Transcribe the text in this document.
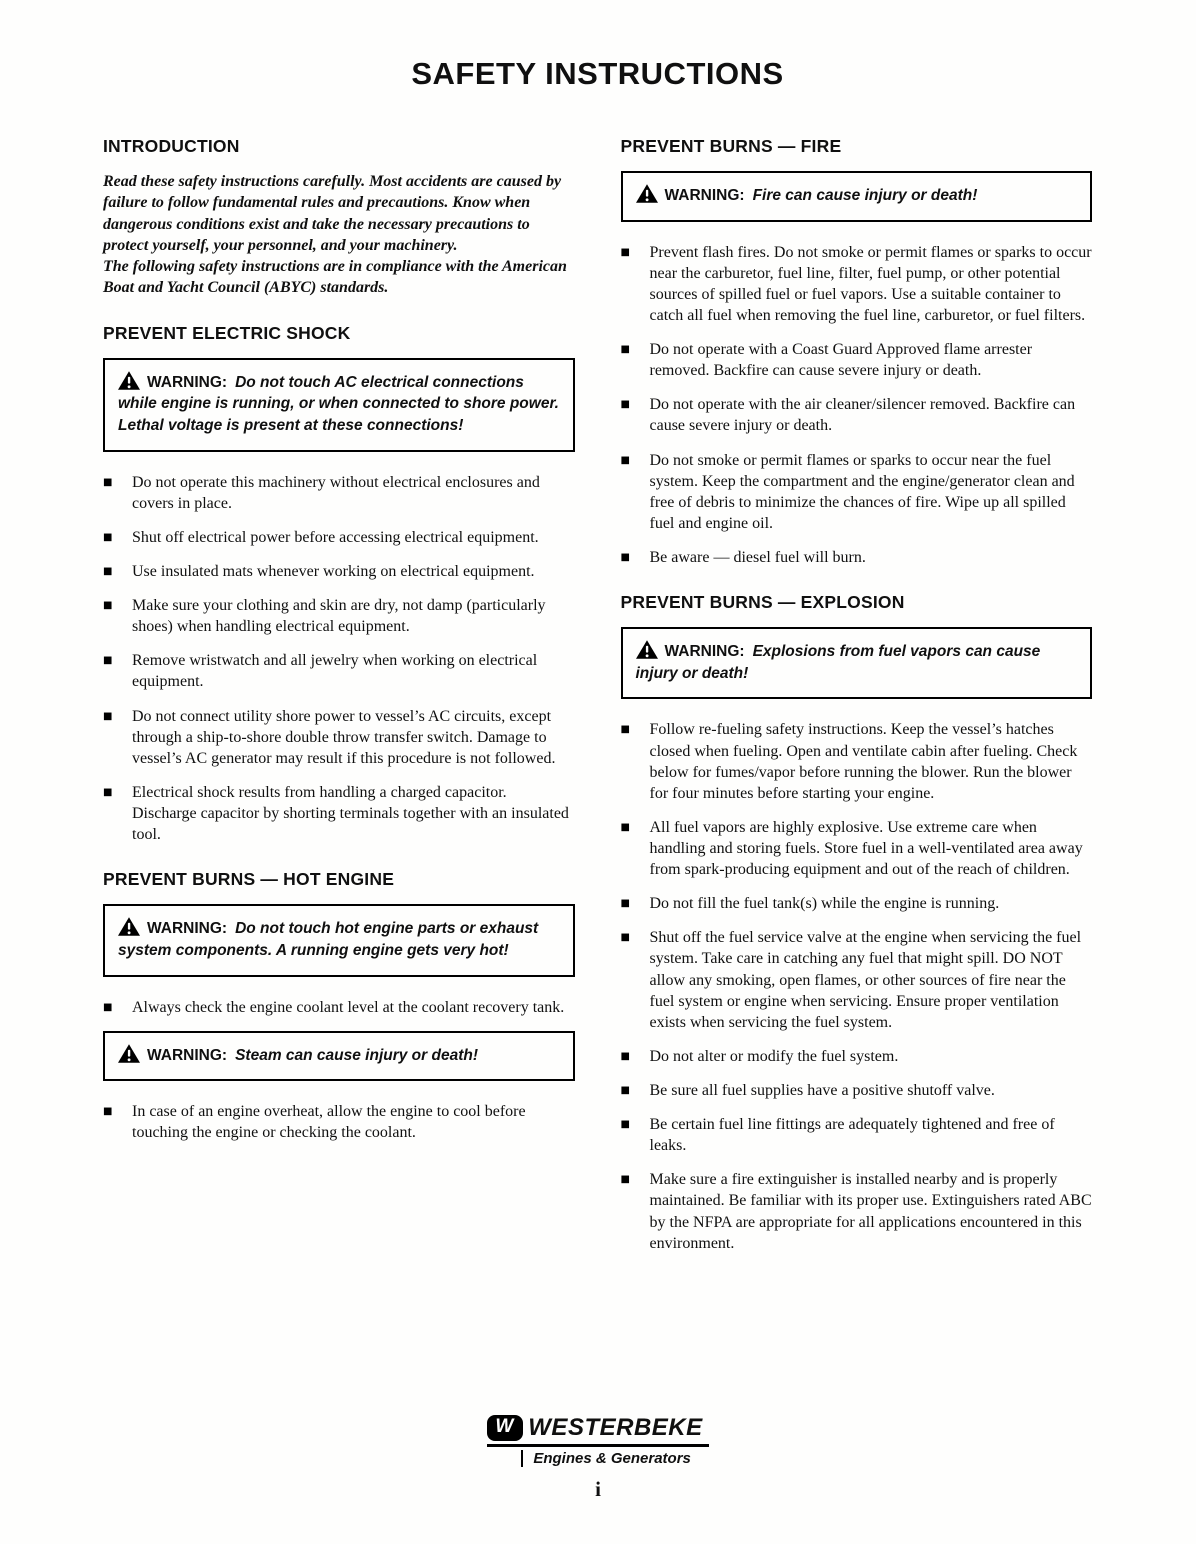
SAFETY INSTRUCTIONS
INTRODUCTION

Read these safety instructions carefully. Most accidents are caused by failure to follow fundamental rules and precautions. Know when dangerous conditions exist and take the necessary precautions to protect yourself, your personnel, and your machinery.

The following safety instructions are in compliance with the American Boat and Yacht Council (ABYC) standards.

PREVENT ELECTRIC SHOCK
WARNING: Do not touch AC electrical connections while engine is running, or when connected to shore power. Lethal voltage is present at these connections!
■	Do not operate this machinery without electrical enclosures and covers in place.
■	Shut off electrical power before accessing electrical equipment.
■	Use insulated mats whenever working on electrical equipment.
■	Make sure your clothing and skin are dry, not damp (particularly shoes) when handling electrical equipment.
■	Remove wristwatch and all jewelry when working on electrical equipment.
■	Do not connect utility shore power to vessel’s AC circuits, except through a ship-to-shore double throw transfer switch. Damage to vessel’s AC generator may result if this procedure is not followed.
■	Electrical shock results from handling a charged capacitor. Discharge capacitor by shorting terminals together with an insulated tool.
PREVENT BURNS — HOT ENGINE
WARNING: Do not touch hot engine parts or exhaust system components. A running engine gets very hot!
■	Always check the engine coolant level at the coolant recovery tank.
WARNING: Steam can cause injury or death!
■	In case of an engine overheat, allow the engine to cool before touching the engine or checking the coolant.
PREVENT BURNS — FIRE
WARNING: Fire can cause injury or death!
■	Prevent flash fires. Do not smoke or permit flames or sparks to occur near the carburetor, fuel line, filter, fuel pump, or other potential sources of spilled fuel or fuel vapors. Use a suitable container to catch all fuel when removing the fuel line, carburetor, or fuel filters.
■	Do not operate with a Coast Guard Approved flame arrester removed. Backfire can cause severe injury or death.
■	Do not operate with the air cleaner/silencer removed. Backfire can cause severe injury or death.
■	Do not smoke or permit flames or sparks to occur near the fuel system. Keep the compartment and the engine/generator clean and free of debris to minimize the chances of fire. Wipe up all spilled fuel and engine oil.
■	Be aware — diesel fuel will burn.
PREVENT BURNS — EXPLOSION
WARNING: Explosions from fuel vapors can cause injury or death!
■	Follow re-fueling safety instructions. Keep the vessel’s hatches closed when fueling. Open and ventilate cabin after fueling. Check below for fumes/vapor before running the blower. Run the blower for four minutes before starting your engine.
■	All fuel vapors are highly explosive. Use extreme care when handling and storing fuels. Store fuel in a well-ventilated area away from spark-producing equipment and out of the reach of children.
■	Do not fill the fuel tank(s) while the engine is running.
■	Shut off the fuel service valve at the engine when servicing the fuel system. Take care in catching any fuel that might spill. DO NOT allow any smoking, open flames, or other sources of fire near the fuel system or engine when servicing. Ensure proper ventilation exists when servicing the fuel system.
■	Do not alter or modify the fuel system.
■	Be sure all fuel supplies have a positive shutoff valve.
■	Be certain fuel line fittings are adequately tightened and free of leaks.
■	Make sure a fire extinguisher is installed nearby and is properly maintained. Be familiar with its proper use. Extinguishers rated ABC by the NFPA are appropriate for all applications encountered in this environment.
W WESTERBEKE
Engines & Generators
i
